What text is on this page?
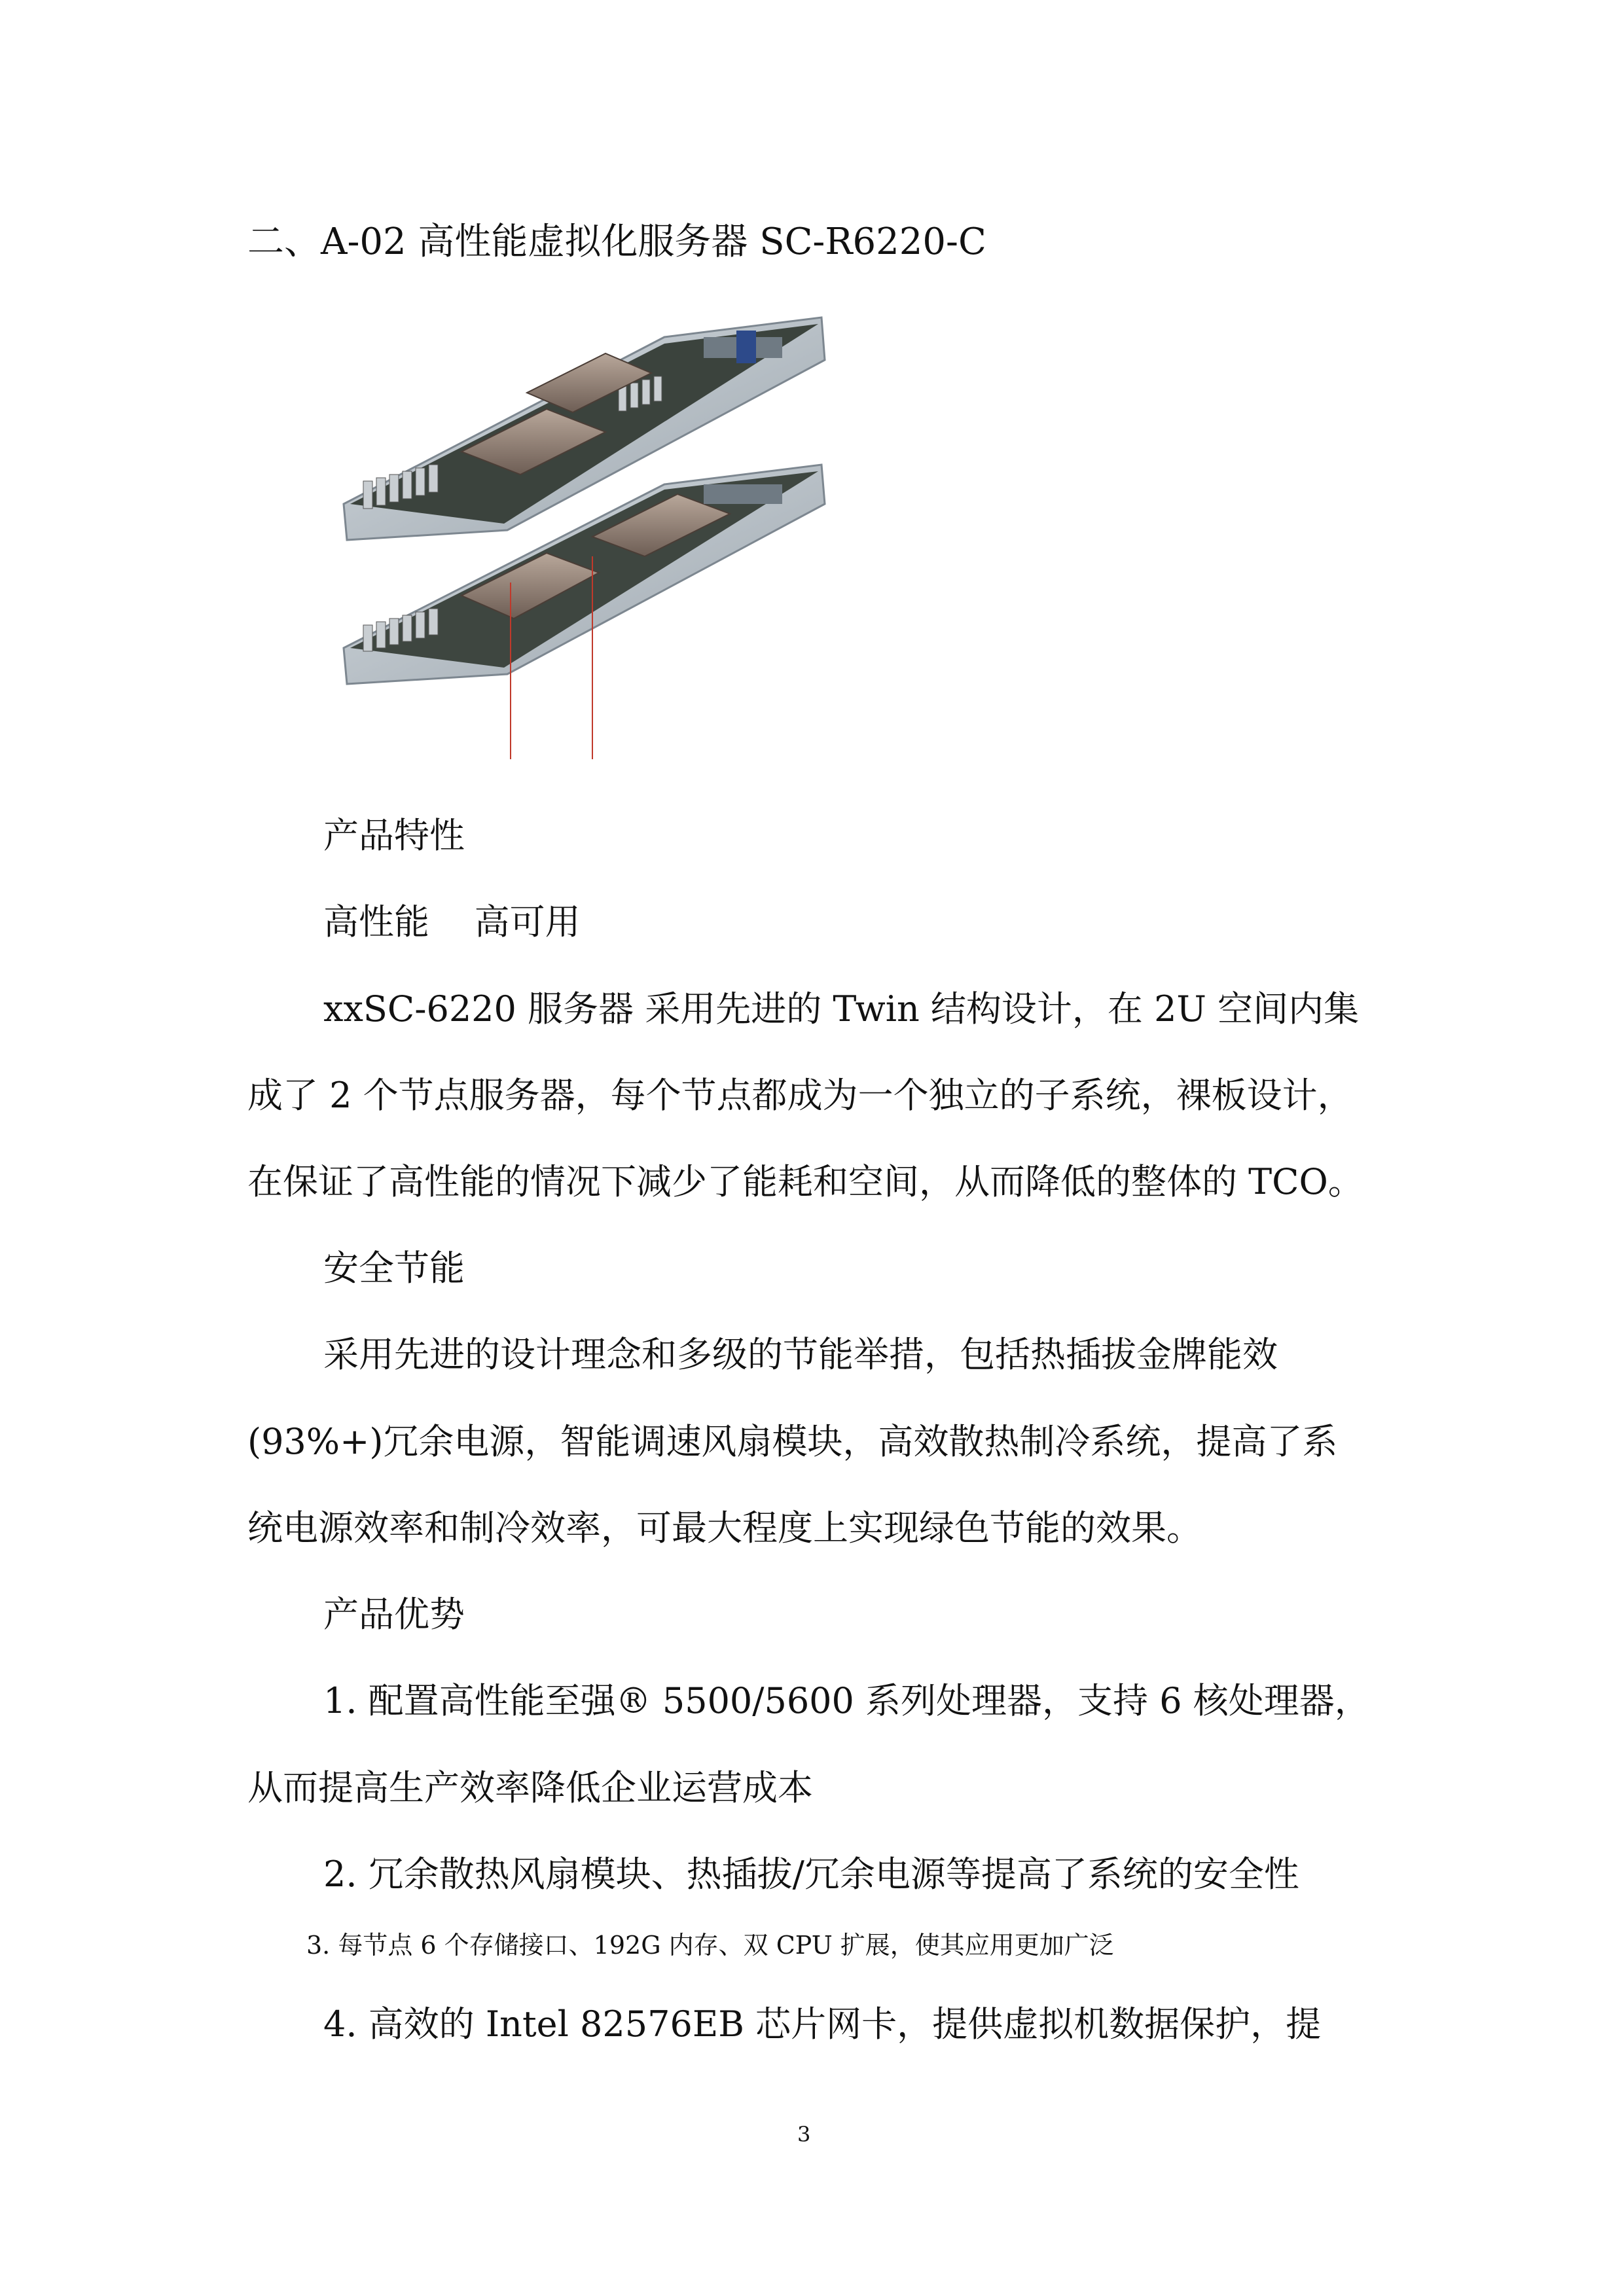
二、A-02 高性能虚拟化服务器 SC-R6220-C
产品特性
高性能    高可用
xxSC-6220 服务器 采用先进的 Twin 结构设计，在 2U 空间内集
成了 2 个节点服务器，每个节点都成为一个独立的子系统，裸板设计，
在保证了高性能的情况下减少了能耗和空间，从而降低的整体的 TCO。
安全节能
采用先进的设计理念和多级的节能举措，包括热插拔金牌能效
(93%+)冗余电源，智能调速风扇模块，高效散热制冷系统，提高了系
统电源效率和制冷效率，可最大程度上实现绿色节能的效果。
产品优势
1. 配置高性能至强® 5500/5600 系列处理器，支持 6 核处理器，
从而提高生产效率降低企业运营成本
2. 冗余散热风扇模块、热插拔/冗余电源等提高了系统的安全性
3. 每节点 6 个存储接口、192G 内存、双 CPU 扩展，使其应用更加广泛
4. 高效的 Intel 82576EB 芯片网卡，提供虚拟机数据保护，提
3
